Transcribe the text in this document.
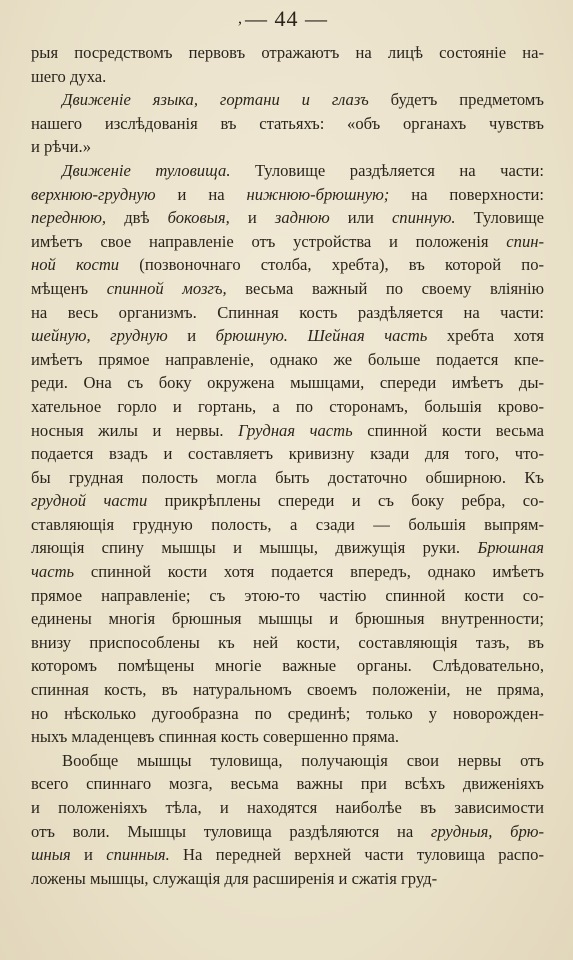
, — 44 —
рыя посредствомъ первовъ отражаютъ на лицѣ состоянiе на-
шего духа.
Движенiе языка, гортани и глазъ будетъ предметомъ
нашего изслѣдованiя въ статьяхъ: «объ органахъ чувствъ
и рѣчи.»
Движенiе туловища. Туловище раздѣляется на части:
верхнюю-грудную и на нижнюю-брюшную; на поверхности:
переднюю, двѣ боковыя, и заднюю или спинную. Туловище
имѣетъ свое направленiе отъ устройства и положенiя спин-
ной кости (позвоночнаго столба, хребта), въ которой по-
мѣщенъ спинной мозгъ, весьма важный по своему влiянiю
на весь организмъ. Спинная кость раздѣляется на части:
шейную, грудную и брюшную. Шейная часть хребта хотя
имѣетъ прямое направленiе, однако же больше подается кпе-
реди. Она съ боку окружена мышцами, спереди имѣетъ ды-
хательное горло и гортань, а по сторонамъ, большiя крово-
носныя жилы и нервы. Грудная часть спинной кости весьма
подается взадъ и составляетъ кривизну кзади для того, что-
бы грудная полость могла быть достаточно обширною. Къ
грудной части прикрѣплены спереди и съ боку ребра, со-
ставляющiя грудную полость, а сзади — большiя выпрям-
ляющiя спину мышцы и мышцы, движущiя руки. Брюшная
часть спинной кости хотя подается впередъ, однако имѣетъ
прямое направленiе; съ этою-то частiю спинной кости со-
единены многiя брюшныя мышцы и брюшныя внутренности;
внизу приспособлены къ ней кости, составляющiя тазъ, въ
которомъ помѣщены многiе важные органы. Слѣдовательно,
спинная кость, въ натуральномъ своемъ положенiи, не пряма,
но нѣсколько дугообразна по срединѣ; только у новорожден-
ныхъ младенцевъ спинная кость совершенно пряма.
Вообще мышцы туловища, получающiя свои нервы отъ
всего спиннаго мозга, весьма важны при всѣхъ движенiяхъ
и положенiяхъ тѣла, и находятся наиболѣе въ зависимости
отъ воли. Мышцы туловища раздѣляются на грудныя, брю-
шныя и спинныя. На передней верхней части туловища распо-
ложены мышцы, служащiя для расширенiя и сжатiя груд-
